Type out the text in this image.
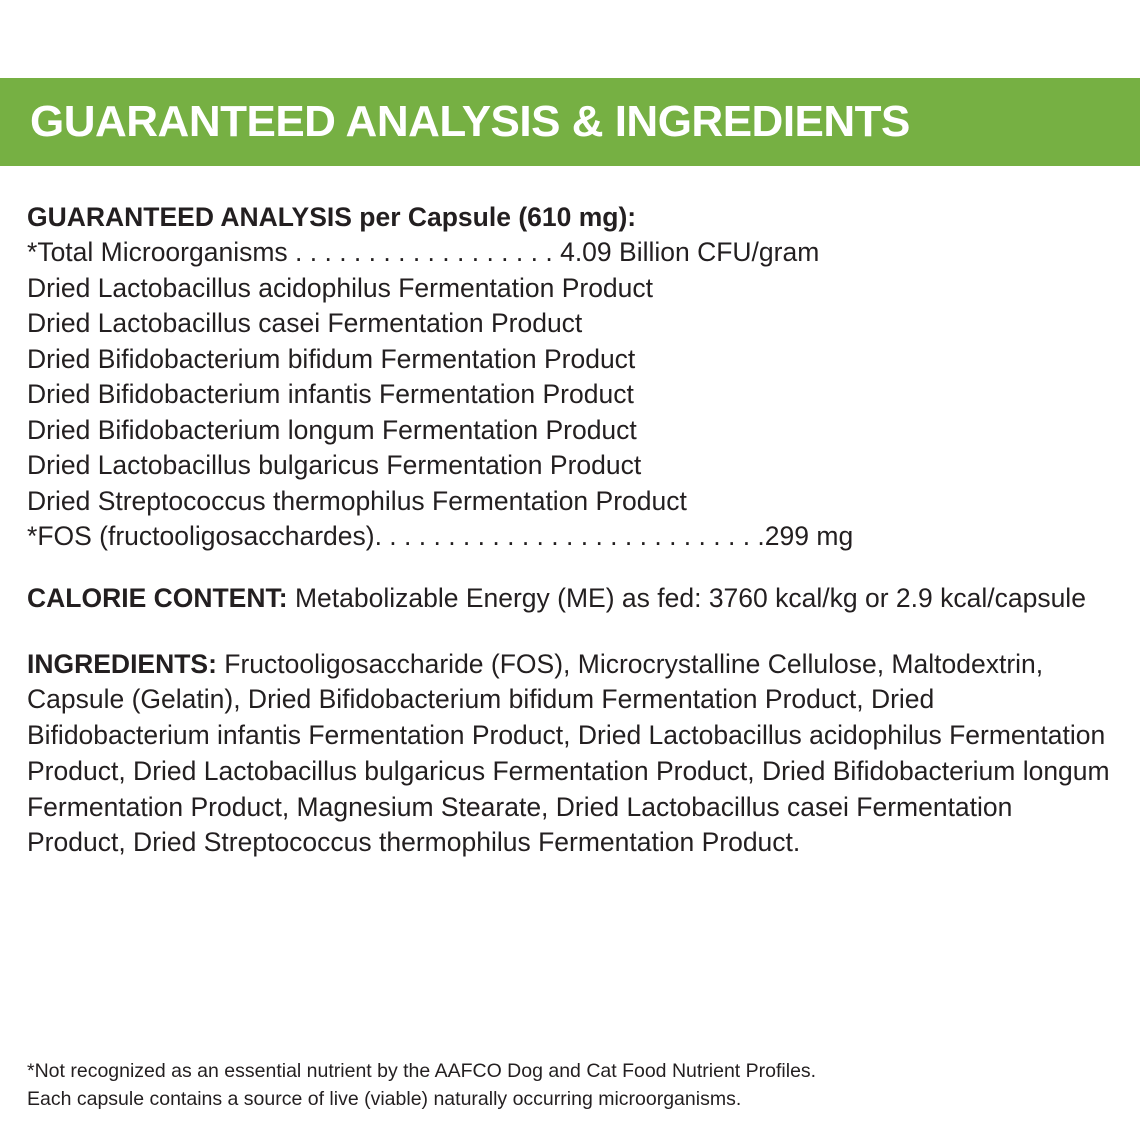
GUARANTEED ANALYSIS & INGREDIENTS
GUARANTEED ANALYSIS per Capsule (610 mg):
*Total Microorganisms . . . . . . . . . . . . . . . . . . 4.09 Billion CFU/gram
Dried Lactobacillus acidophilus Fermentation Product
Dried Lactobacillus casei Fermentation Product
Dried Bifidobacterium bifidum Fermentation Product
Dried Bifidobacterium infantis Fermentation Product
Dried Bifidobacterium longum Fermentation Product
Dried Lactobacillus bulgaricus Fermentation Product
Dried Streptococcus thermophilus Fermentation Product
*FOS (fructooligosacchardes). . . . . . . . . . . . . . . . . . . . . . . . . . .299 mg

CALORIE CONTENT: Metabolizable Energy (ME) as fed: 3760 kcal/kg or 2.9 kcal/capsule

INGREDIENTS: Fructooligosaccharide (FOS), Microcrystalline Cellulose, Maltodextrin, Capsule (Gelatin), Dried Bifidobacterium bifidum Fermentation Product, Dried Bifidobacterium infantis Fermentation Product, Dried Lactobacillus acidophilus Fermentation Product, Dried Lactobacillus bulgaricus Fermentation Product, Dried Bifidobacterium longum Fermentation Product, Magnesium Stearate, Dried Lactobacillus casei Fermentation Product, Dried Streptococcus thermophilus Fermentation Product.

*Not recognized as an essential nutrient by the AAFCO Dog and Cat Food Nutrient Profiles.
Each capsule contains a source of live (viable) naturally occurring microorganisms.
